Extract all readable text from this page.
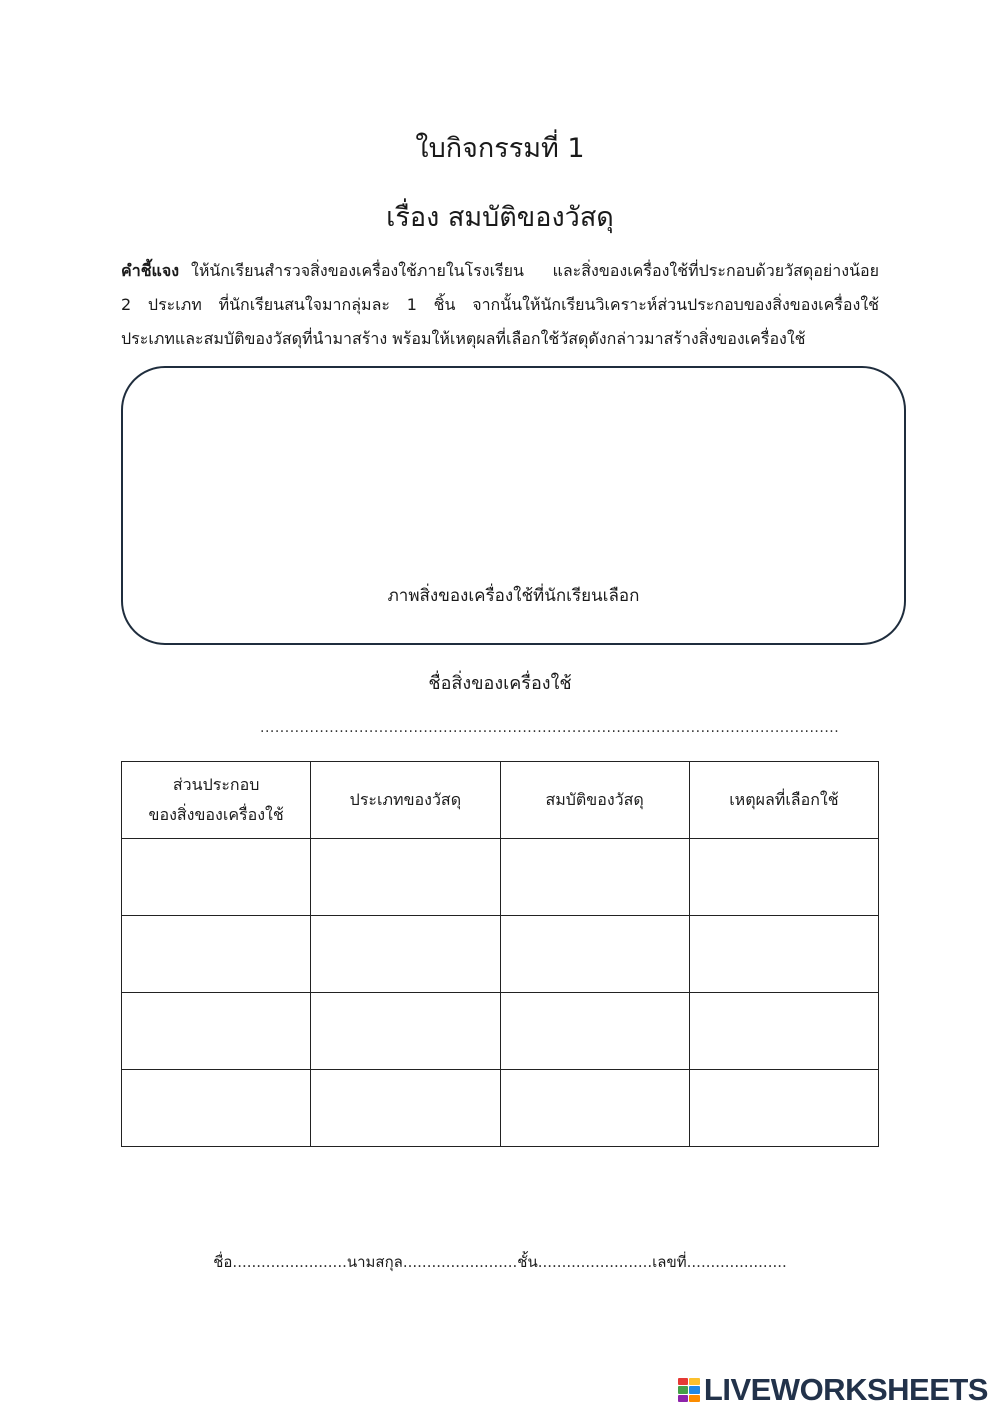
ใบกิจกรรมที่ 1
เรื่อง สมบัติของวัสดุ
คำชี้แจง ให้นักเรียนสำรวจสิ่งของเครื่องใช้ภายในโรงเรียน และสิ่งของเครื่องใช้ที่ประกอบด้วยวัสดุอย่างน้อย
2 ประเภท ที่นักเรียนสนใจมากลุ่มละ 1 ชิ้น จากนั้นให้นักเรียนวิเคราะห์ส่วนประกอบของสิ่งของเครื่องใช้
ประเภทและสมบัติของวัสดุที่นำมาสร้าง พร้อมให้เหตุผลที่เลือกใช้วัสดุดังกล่าวมาสร้างสิ่งของเครื่องใช้
ภาพสิ่งของเครื่องใช้ที่นักเรียนเลือก
ชื่อสิ่งของเครื่องใช้
.....................................................................................................................
ส่วนประกอบ
ของสิ่งของเครื่องใช้	ประเภทของวัสดุ	สมบัติของวัสดุ	เหตุผลที่เลือกใช้

ชื่อ........................นามสกุล........................ชั้น........................เลขที่.....................
LIVEWORKSHEETS
